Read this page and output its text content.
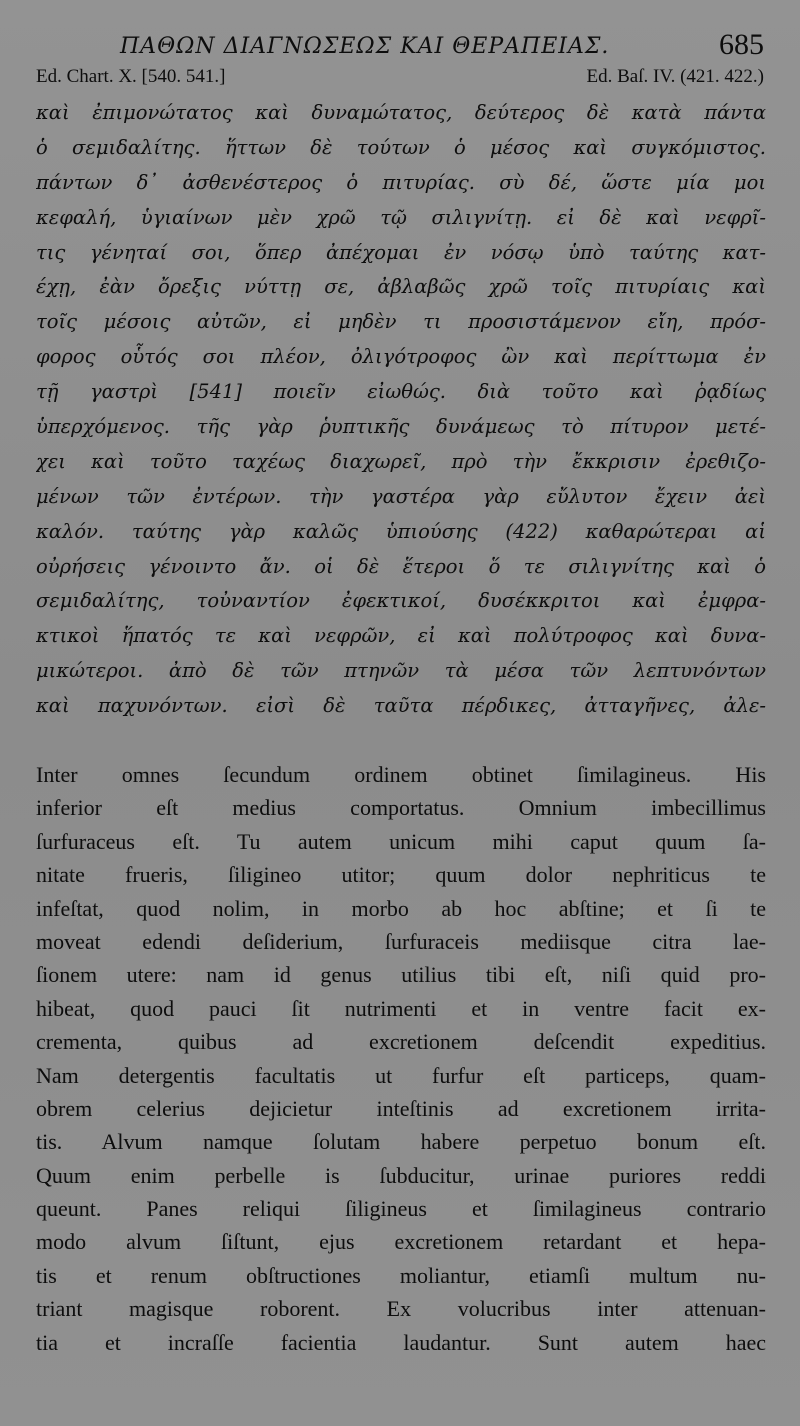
ΠΑΘΩΝ ΔΙΑΓΝΩΣΕΩΣ ΚΑΙ ΘΕΡΑΠΕΙΑΣ.	685
Ed. Chart. X. [540. 541.]	Ed. Baſ. IV. (421. 422.)
καὶ ἐπιμονώτατος καὶ δυναμώτατος, δεύτερος δὲ κατὰ πάντα
ὁ σεμιδαλίτης. ἥττων δὲ τούτων ὁ μέσος καὶ συγκόμιστος.
πάντων δ᾽ ἀσθενέστερος ὁ πιτυρίας. σὺ δέ, ὥστε μία μοι
κεφαλή, ὑγιαίνων μὲν χρῶ τῷ σιλιγνίτῃ. εἰ δὲ καὶ νεφρῖ-
τις γένηταί σοι, ὅπερ ἀπέχομαι ἐν νόσῳ ὑπὸ ταύτης κατ-
έχῃ, ἐὰν ὄρεξις νύττῃ σε, ἀβλαβῶς χρῶ τοῖς πιτυρίαις καὶ
τοῖς μέσοις αὐτῶν, εἰ μηδὲν τι προσιστάμενον εἴη, πρόσ-
φορος οὗτός σοι πλέον, ὀλιγότροφος ὢν καὶ περίττωμα ἐν
τῇ γαστρὶ [541] ποιεῖν εἰωθώς. διὰ τοῦτο καὶ ῥᾳδίως
ὑπερχόμενος. τῆς γὰρ ῥυπτικῆς δυνάμεως τὸ πίτυρον μετέ-
χει καὶ τοῦτο ταχέως διαχωρεῖ, πρὸ τὴν ἔκκρισιν ἐρεθιζο-
μένων τῶν ἐντέρων. τὴν γαστέρα γὰρ εὔλυτον ἔχειν ἀεὶ
καλόν. ταύτης γὰρ καλῶς ὑπιούσης (422) καθαρώτεραι αἱ
οὐρήσεις γένοιντο ἄν. οἱ δὲ ἕτεροι ὅ τε σιλιγνίτης καὶ ὁ
σεμιδαλίτης, τοὐναντίον ἐφεκτικοί, δυσέκκριτοι καὶ ἐμφρα-
κτικοὶ ἥπατός τε καὶ νεφρῶν, εἰ καὶ πολύτροφος καὶ δυνα-
μικώτεροι. ἀπὸ δὲ τῶν πτηνῶν τὰ μέσα τῶν λεπτυνόντων
καὶ παχυνόντων. εἰσὶ δὲ ταῦτα πέρδικες, ἀτταγῆνες, ἀλε-
Inter omnes ſecundum ordinem obtinet ſimilagineus. His
inferior eſt medius comportatus. Omnium imbecillimus
ſurfuraceus eſt. Tu autem unicum mihi caput quum ſa-
nitate frueris, ſiligineo utitor; quum dolor nephriticus te
infeſtat, quod nolim, in morbo ab hoc abſtine; et ſi te
moveat edendi deſiderium, ſurfuraceis mediisque citra lae-
ſionem utere: nam id genus utilius tibi eſt, niſi quid pro-
hibeat, quod pauci ſit nutrimenti et in ventre facit ex-
crementa, quibus ad excretionem deſcendit expeditius.
Nam detergentis facultatis ut furfur eſt particeps, quam-
obrem celerius dejicietur inteſtinis ad excretionem irrita-
tis. Alvum namque ſolutam habere perpetuo bonum eſt.
Quum enim perbelle is ſubducitur, urinae puriores reddi
queunt. Panes reliqui ſiligineus et ſimilagineus contrario
modo alvum ſiſtunt, ejus excretionem retardant et hepa-
tis et renum obſtructiones moliantur, etiamſi multum nu-
triant magisque roborent. Ex volucribus inter attenuan-
tia et incraſſe facientia laudantur. Sunt autem haec
